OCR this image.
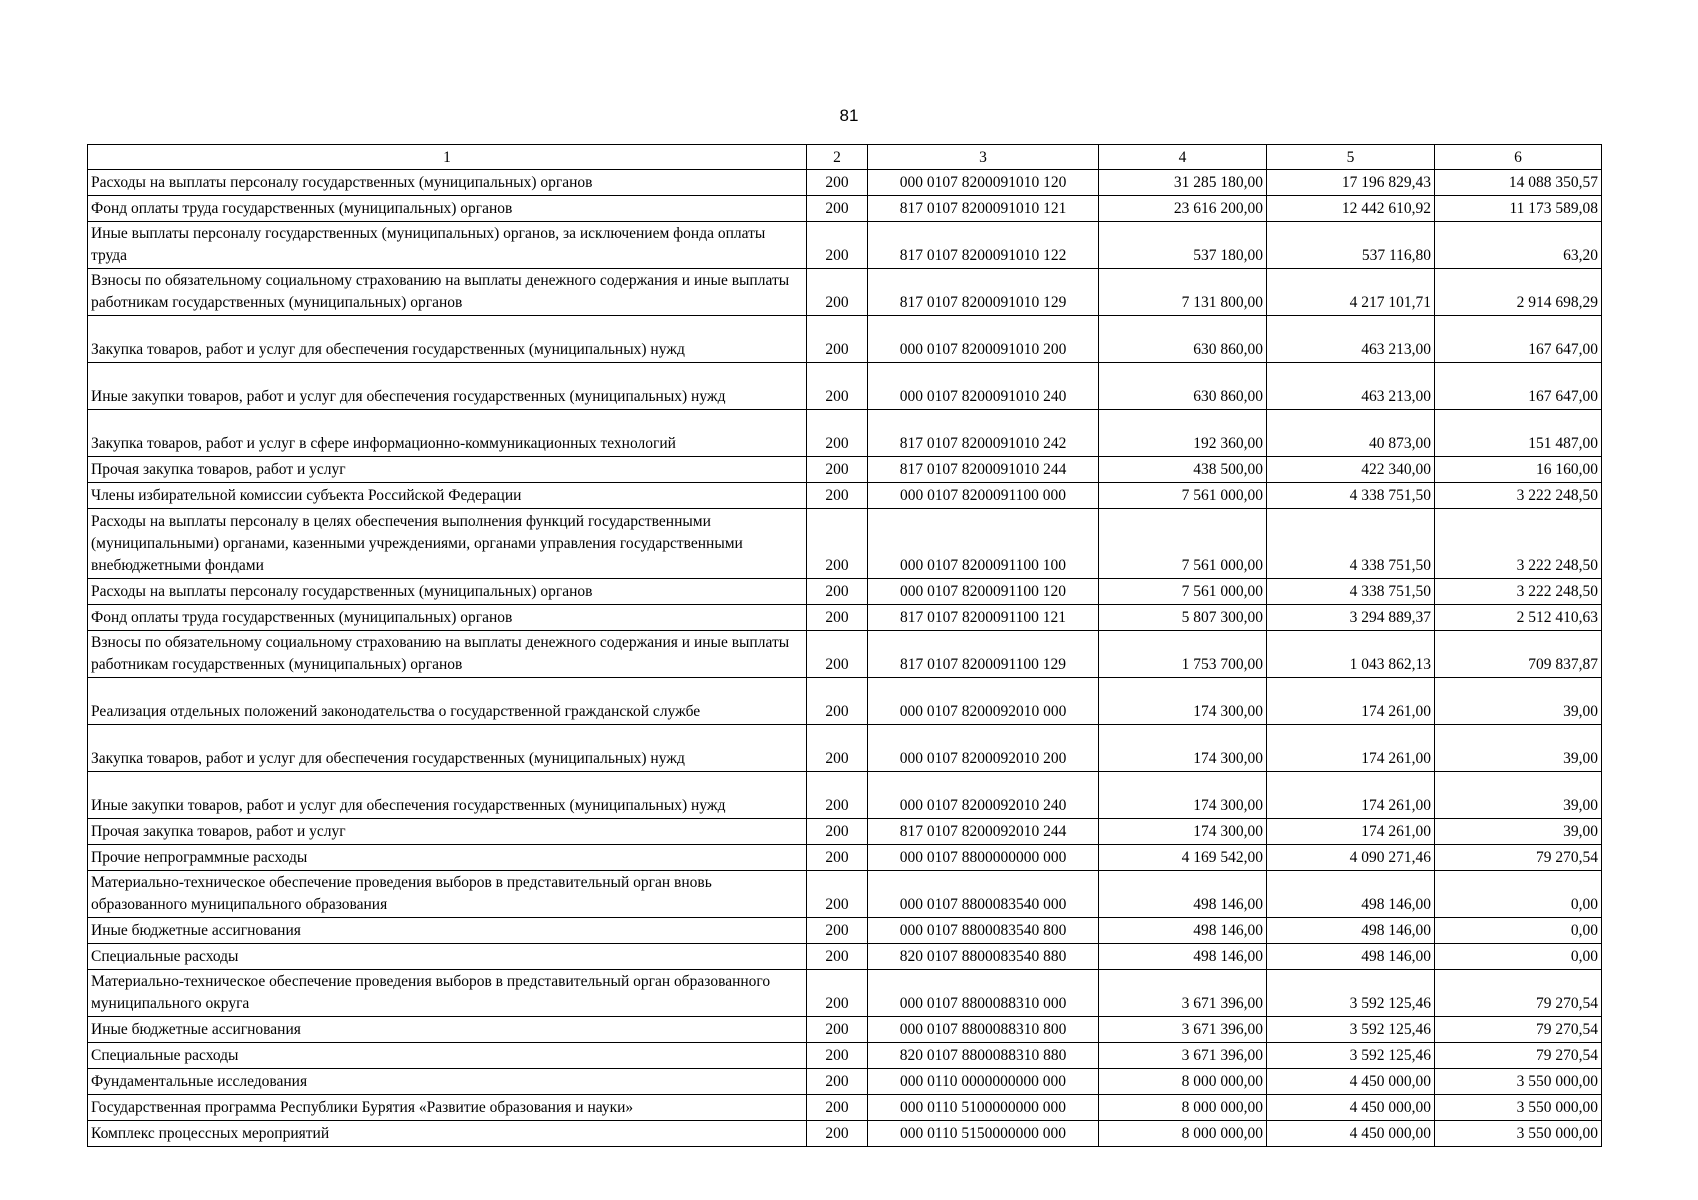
81
1	2	3	4	5	6
Расходы на выплаты персоналу государственных (муниципальных) органов	200	000 0107 8200091010 120	31 285 180,00	17 196 829,43	14 088 350,57
Фонд оплаты труда государственных (муниципальных) органов	200	817 0107 8200091010 121	23 616 200,00	12 442 610,92	11 173 589,08
Иные выплаты персоналу государственных (муниципальных) органов, за исключением фонда оплаты труда	200	817 0107 8200091010 122	537 180,00	537 116,80	63,20
Взносы по обязательному социальному страхованию на выплаты денежного содержания и иные выплаты работникам государственных (муниципальных) органов	200	817 0107 8200091010 129	7 131 800,00	4 217 101,71	2 914 698,29
Закупка товаров, работ и услуг для обеспечения государственных (муниципальных) нужд	200	000 0107 8200091010 200	630 860,00	463 213,00	167 647,00
Иные закупки товаров, работ и услуг для обеспечения государственных (муниципальных) нужд	200	000 0107 8200091010 240	630 860,00	463 213,00	167 647,00
Закупка товаров, работ и услуг в сфере информационно-коммуникационных технологий	200	817 0107 8200091010 242	192 360,00	40 873,00	151 487,00
Прочая закупка товаров, работ и услуг	200	817 0107 8200091010 244	438 500,00	422 340,00	16 160,00
Члены избирательной комиссии субъекта Российской Федерации	200	000 0107 8200091100 000	7 561 000,00	4 338 751,50	3 222 248,50
Расходы на выплаты персоналу в целях обеспечения выполнения функций государственными (муниципальными) органами, казенными учреждениями, органами управления государственными внебюджетными фондами	200	000 0107 8200091100 100	7 561 000,00	4 338 751,50	3 222 248,50
Расходы на выплаты персоналу государственных (муниципальных) органов	200	000 0107 8200091100 120	7 561 000,00	4 338 751,50	3 222 248,50
Фонд оплаты труда государственных (муниципальных) органов	200	817 0107 8200091100 121	5 807 300,00	3 294 889,37	2 512 410,63
Взносы по обязательному социальному страхованию на выплаты денежного содержания и иные выплаты работникам государственных (муниципальных) органов	200	817 0107 8200091100 129	1 753 700,00	1 043 862,13	709 837,87
Реализация отдельных положений законодательства о государственной гражданской службе	200	000 0107 8200092010 000	174 300,00	174 261,00	39,00
Закупка товаров, работ и услуг для обеспечения государственных (муниципальных) нужд	200	000 0107 8200092010 200	174 300,00	174 261,00	39,00
Иные закупки товаров, работ и услуг для обеспечения государственных (муниципальных) нужд	200	000 0107 8200092010 240	174 300,00	174 261,00	39,00
Прочая закупка товаров, работ и услуг	200	817 0107 8200092010 244	174 300,00	174 261,00	39,00
Прочие непрограммные расходы	200	000 0107 8800000000 000	4 169 542,00	4 090 271,46	79 270,54
Материально-техническое обеспечение проведения выборов в представительный орган вновь образованного муниципального образования	200	000 0107 8800083540 000	498 146,00	498 146,00	0,00
Иные бюджетные ассигнования	200	000 0107 8800083540 800	498 146,00	498 146,00	0,00
Специальные расходы	200	820 0107 8800083540 880	498 146,00	498 146,00	0,00
Материально-техническое обеспечение проведения выборов в представительный орган образованного муниципального округа	200	000 0107 8800088310 000	3 671 396,00	3 592 125,46	79 270,54
Иные бюджетные ассигнования	200	000 0107 8800088310 800	3 671 396,00	3 592 125,46	79 270,54
Специальные расходы	200	820 0107 8800088310 880	3 671 396,00	3 592 125,46	79 270,54
Фундаментальные исследования	200	000 0110 0000000000 000	8 000 000,00	4 450 000,00	3 550 000,00
Государственная программа Республики Бурятия «Развитие образования и науки»	200	000 0110 5100000000 000	8 000 000,00	4 450 000,00	3 550 000,00
Комплекс процессных мероприятий	200	000 0110 5150000000 000	8 000 000,00	4 450 000,00	3 550 000,00
